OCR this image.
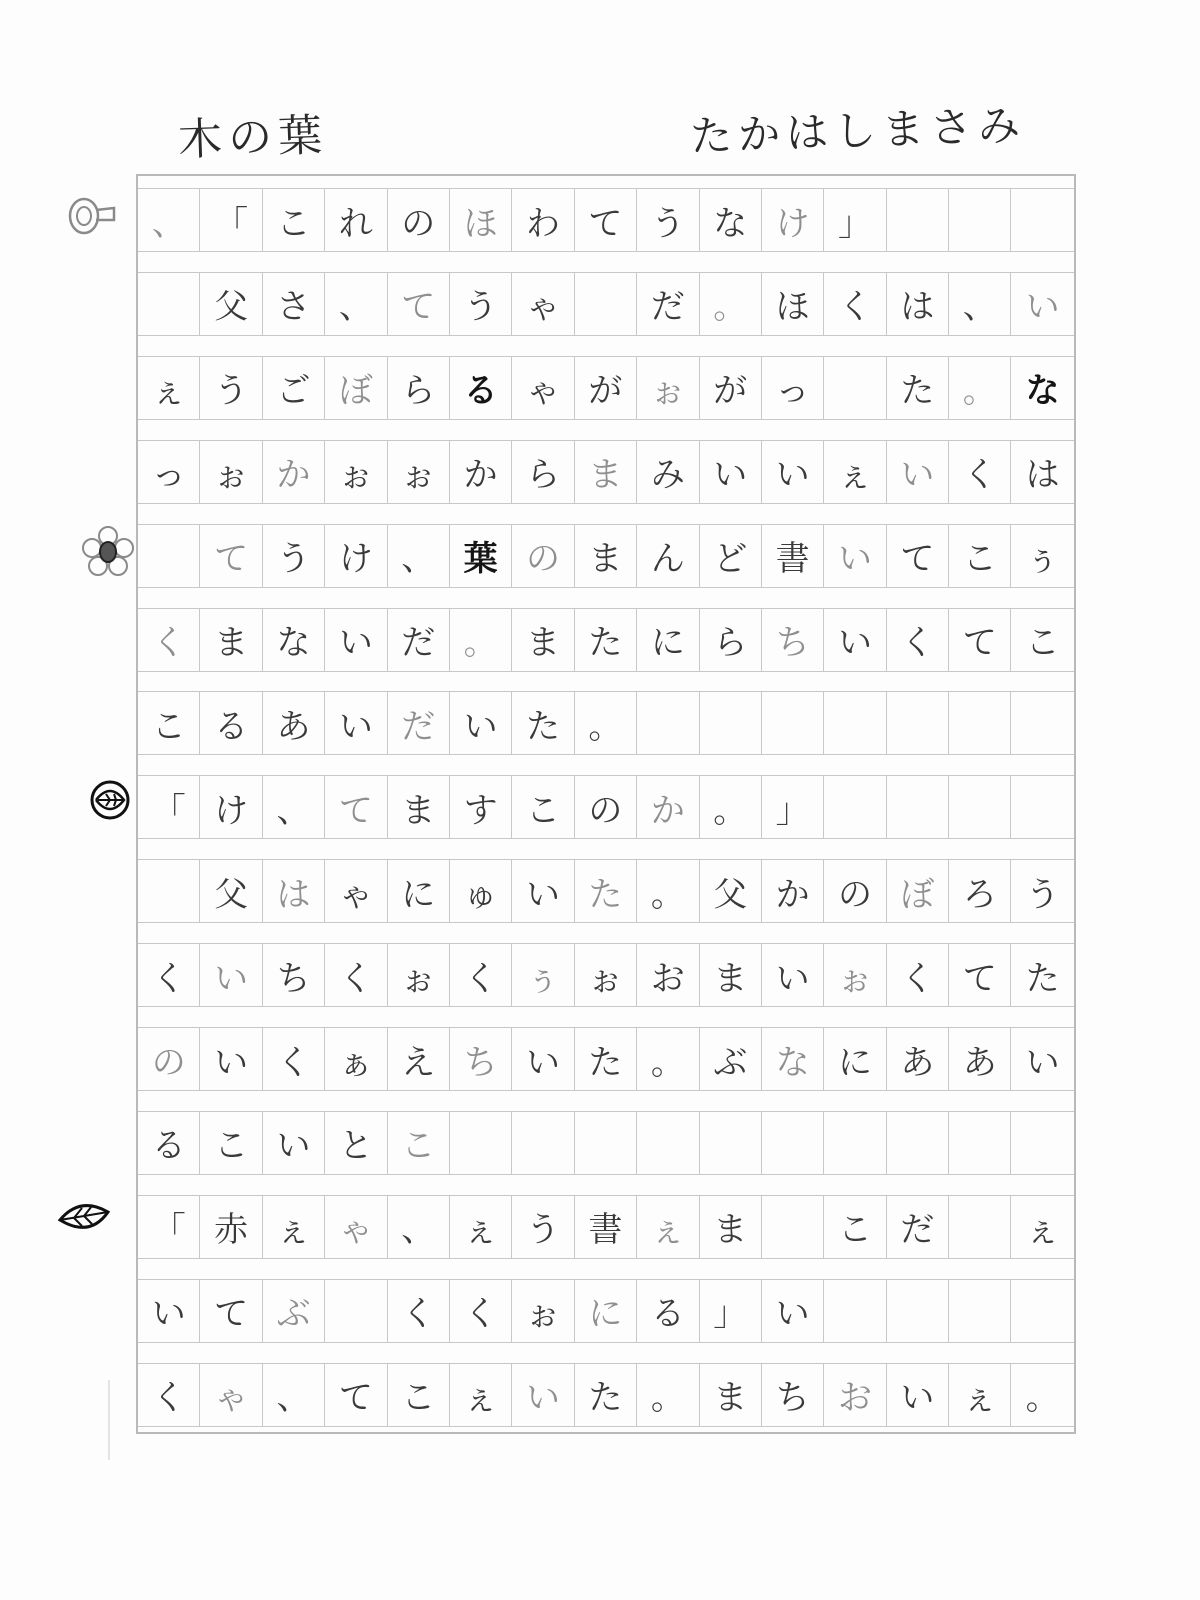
木の葉	たかはしまさみ
、 「 こ れ の ほ わ て う な け 」
父 さ 、 て う ゃ	だ 。 ほ く は 、 い
ぇ う ご ぼ ら る ゃ が ぉ が っ	た 。 な
っ ぉ か ぉ ぉ か ら ま み い い ぇ い く は
て う け 、 葉 の ま ん ど 書 い て こ ぅ
く ま な い だ 。 ま た に ら ち い く て こ
こ る あ い だ い た 。
「 け 、 て ま す こ の か 。 」
父 は ゃ に ゅ い た 。 父 か の ぼ ろ う
く い ち く ぉ く ぅ ぉ お ま い ぉ く て た
の い く ぁ え ち い た 。 ぶ な に あ あ い
る こ い と こ
「 赤 ぇ ゃ 、 ぇ う 書 ぇ ま	こ だ	ぇ
い て ぶ	く く ぉ に る 」 い
く ゃ 、 て こ ぇ い た 。 ま ち お い ぇ 。
